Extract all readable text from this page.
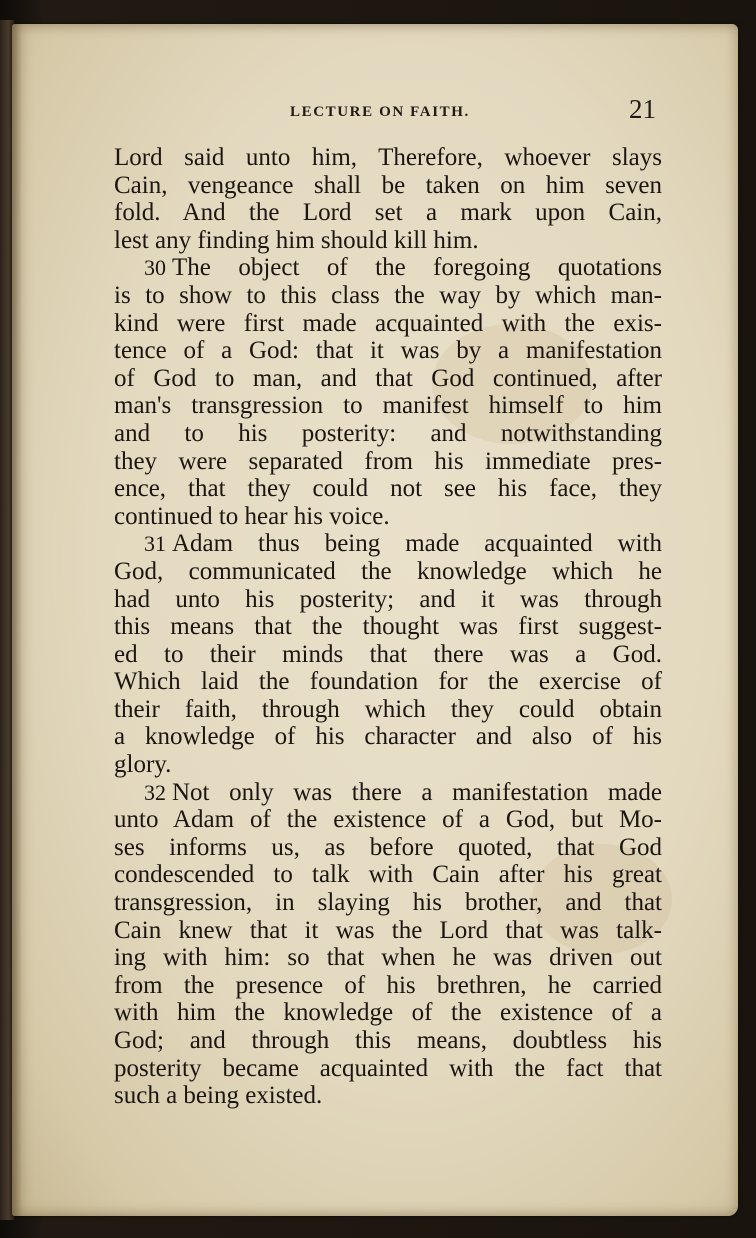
LECTURE ON FAITH.	21
Lord said unto him, Therefore, whoever slays
Cain, vengeance shall be taken on him seven
fold. And the Lord set a mark upon Cain,
lest any finding him should kill him.
30 The object of the foregoing quotations
is to show to this class the way by which man-
kind were first made acquainted with the exis-
tence of a God: that it was by a manifestation
of God to man, and that God continued, after
man's transgression to manifest himself to him
and to his posterity: and notwithstanding
they were separated from his immediate pres-
ence, that they could not see his face, they
continued to hear his voice.
31 Adam thus being made acquainted with
God, communicated the knowledge which he
had unto his posterity; and it was through
this means that the thought was first suggest-
ed to their minds that there was a God.
Which laid the foundation for the exercise of
their faith, through which they could obtain
a knowledge of his character and also of his
glory.
32 Not only was there a manifestation made
unto Adam of the existence of a God, but Mo-
ses informs us, as before quoted, that God
condescended to talk with Cain after his great
transgression, in slaying his brother, and that
Cain knew that it was the Lord that was talk-
ing with him: so that when he was driven out
from the presence of his brethren, he carried
with him the knowledge of the existence of a
God; and through this means, doubtless his
posterity became acquainted with the fact that
such a being existed.
